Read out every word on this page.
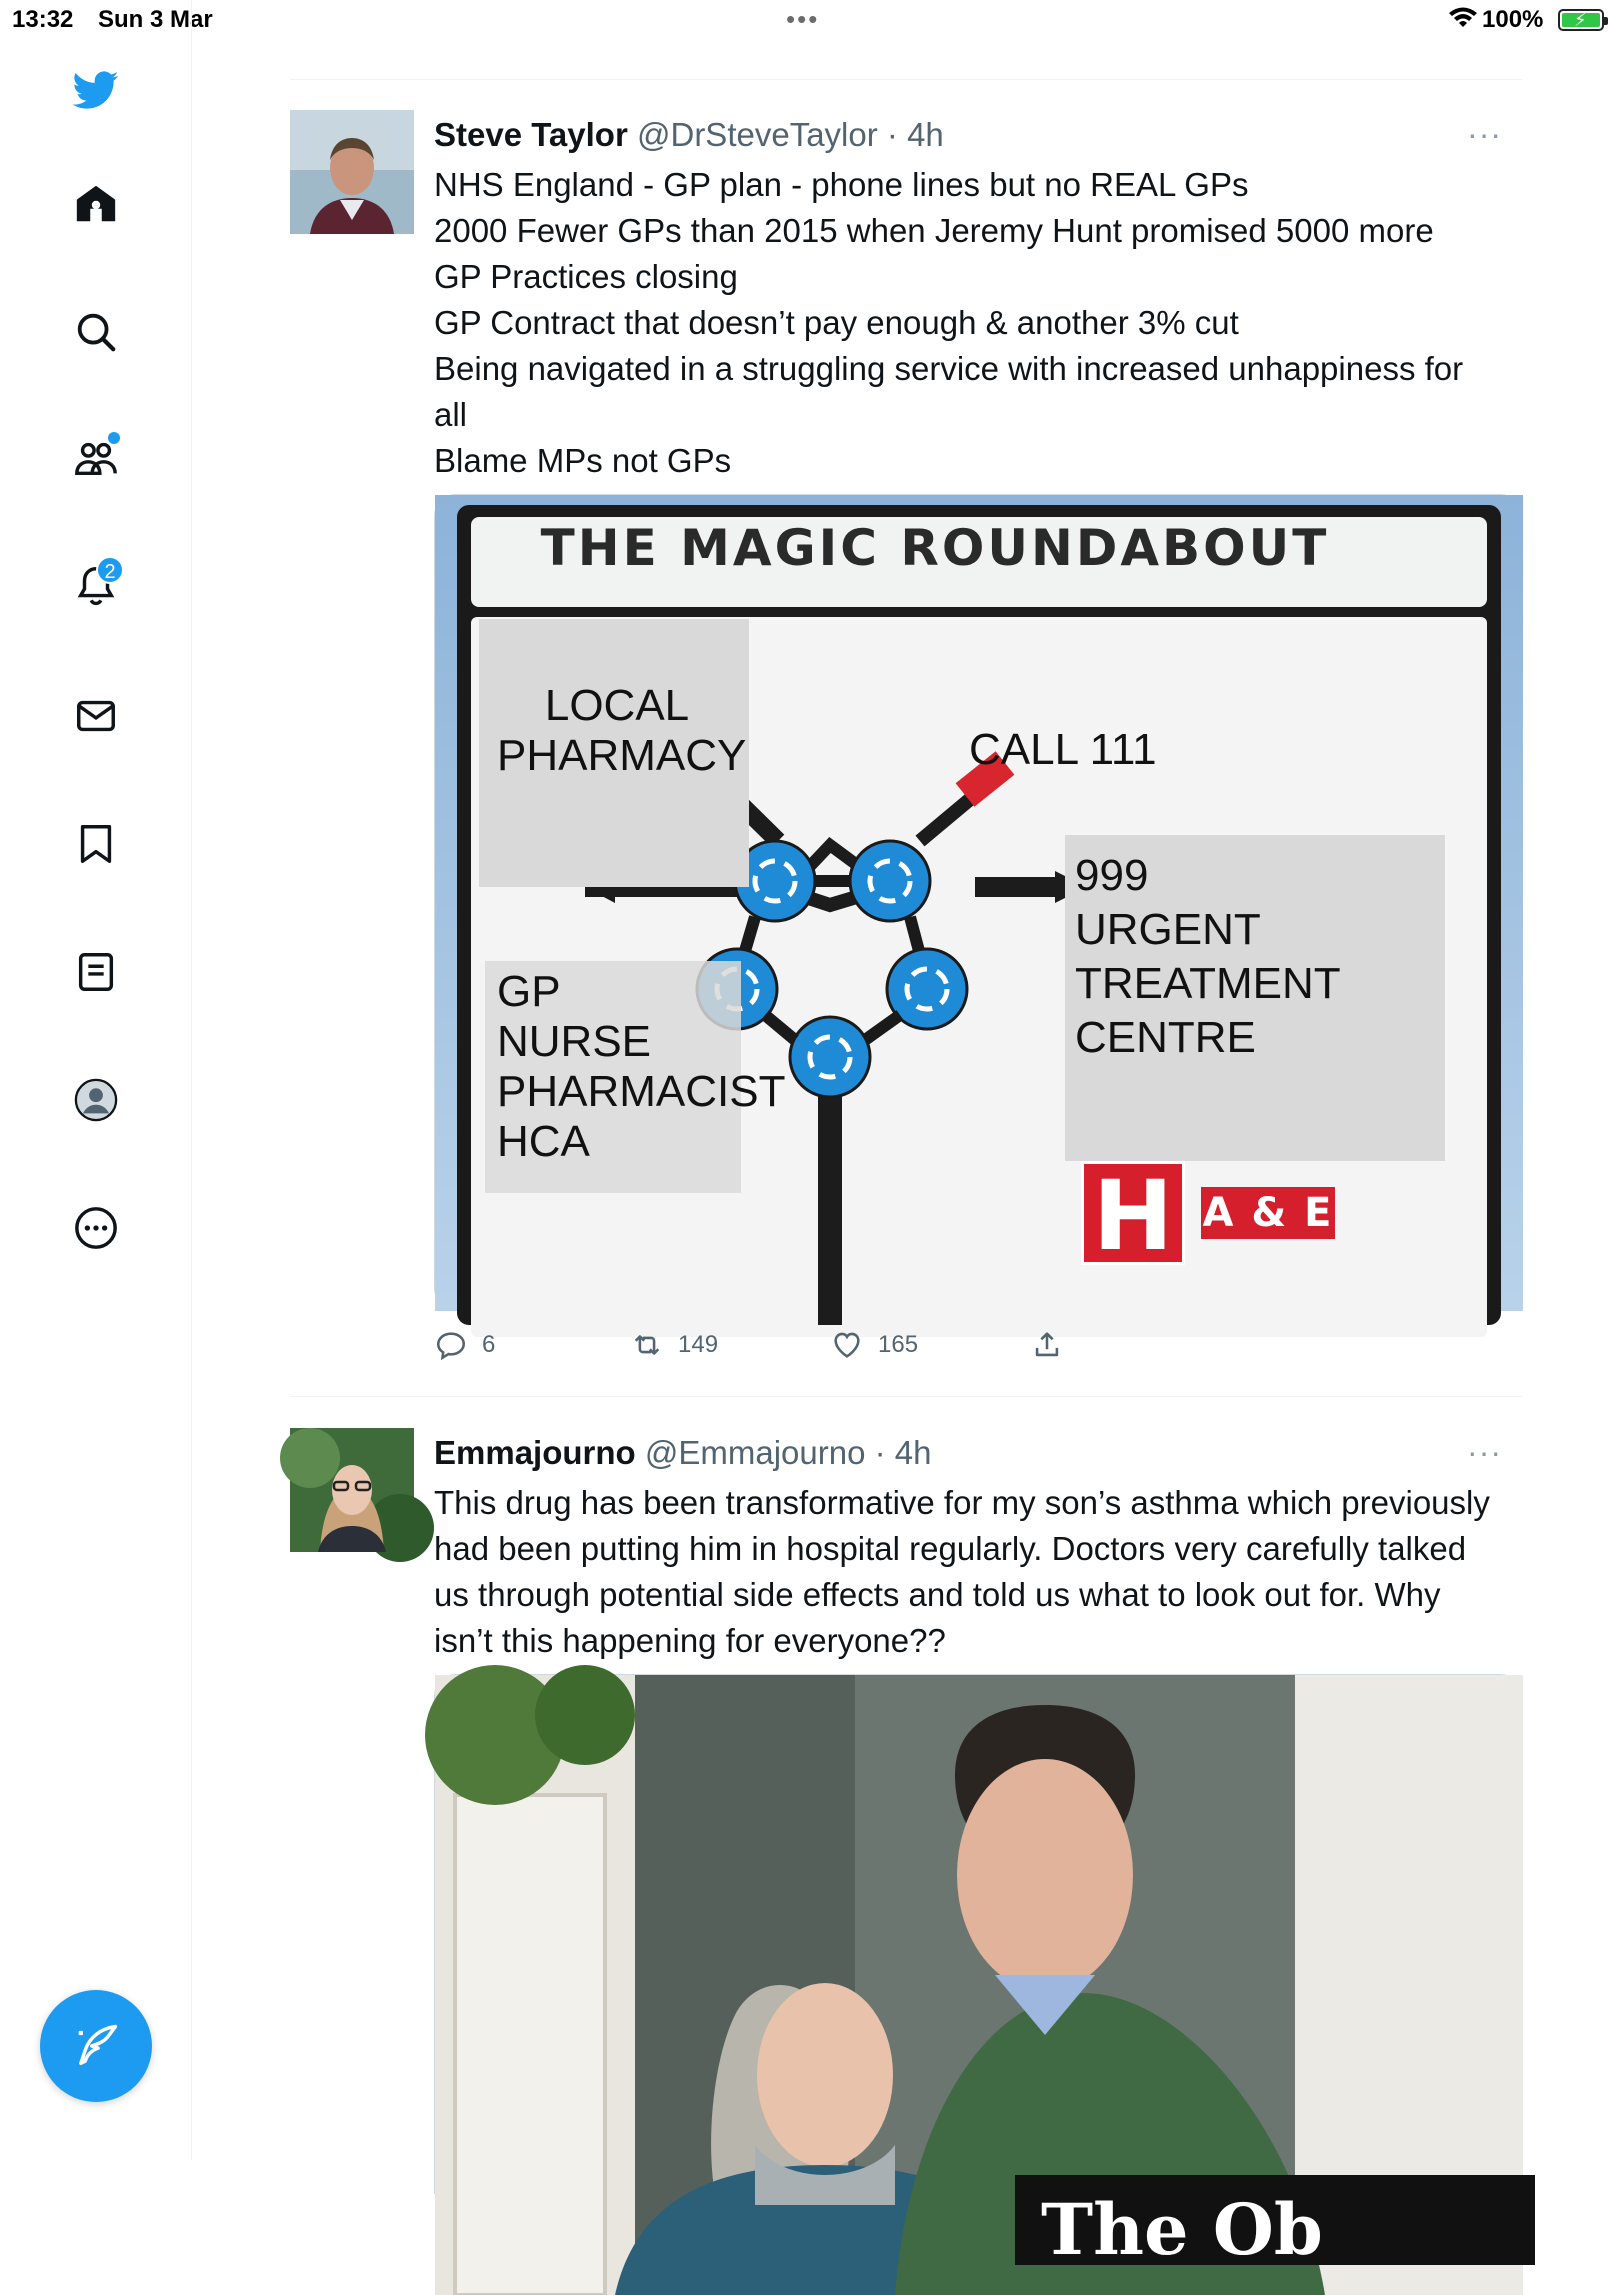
13:32 Sun 3 Mar	•••	100% ⚡
2
Steve Taylor @DrSteveTaylor · 4h	···
NHS England - GP plan - phone lines but no REAL GPs
2000 Fewer GPs than 2015 when Jeremy Hunt promised 5000 more
GP Practices closing
GP Contract that doesn’t pay enough & another 3% cut
Being navigated in a struggling service with increased unhappiness for all
Blame MPs not GPs
THE MAGIC ROUNDABOUT
LOCAL
PHARMACY	CALL 111
GP
NURSE
PHARMACIST
HCA
999
URGENT
TREATMENT
CENTRE
H A & E
6	149	165
Emmajourno @Emmajourno · 4h	···
This drug has been transformative for my son’s asthma which previously had been putting him in hospital regularly. Doctors very carefully talked us through potential side effects and told us what to look out for. Why isn’t this happening for everyone??
The Ob
